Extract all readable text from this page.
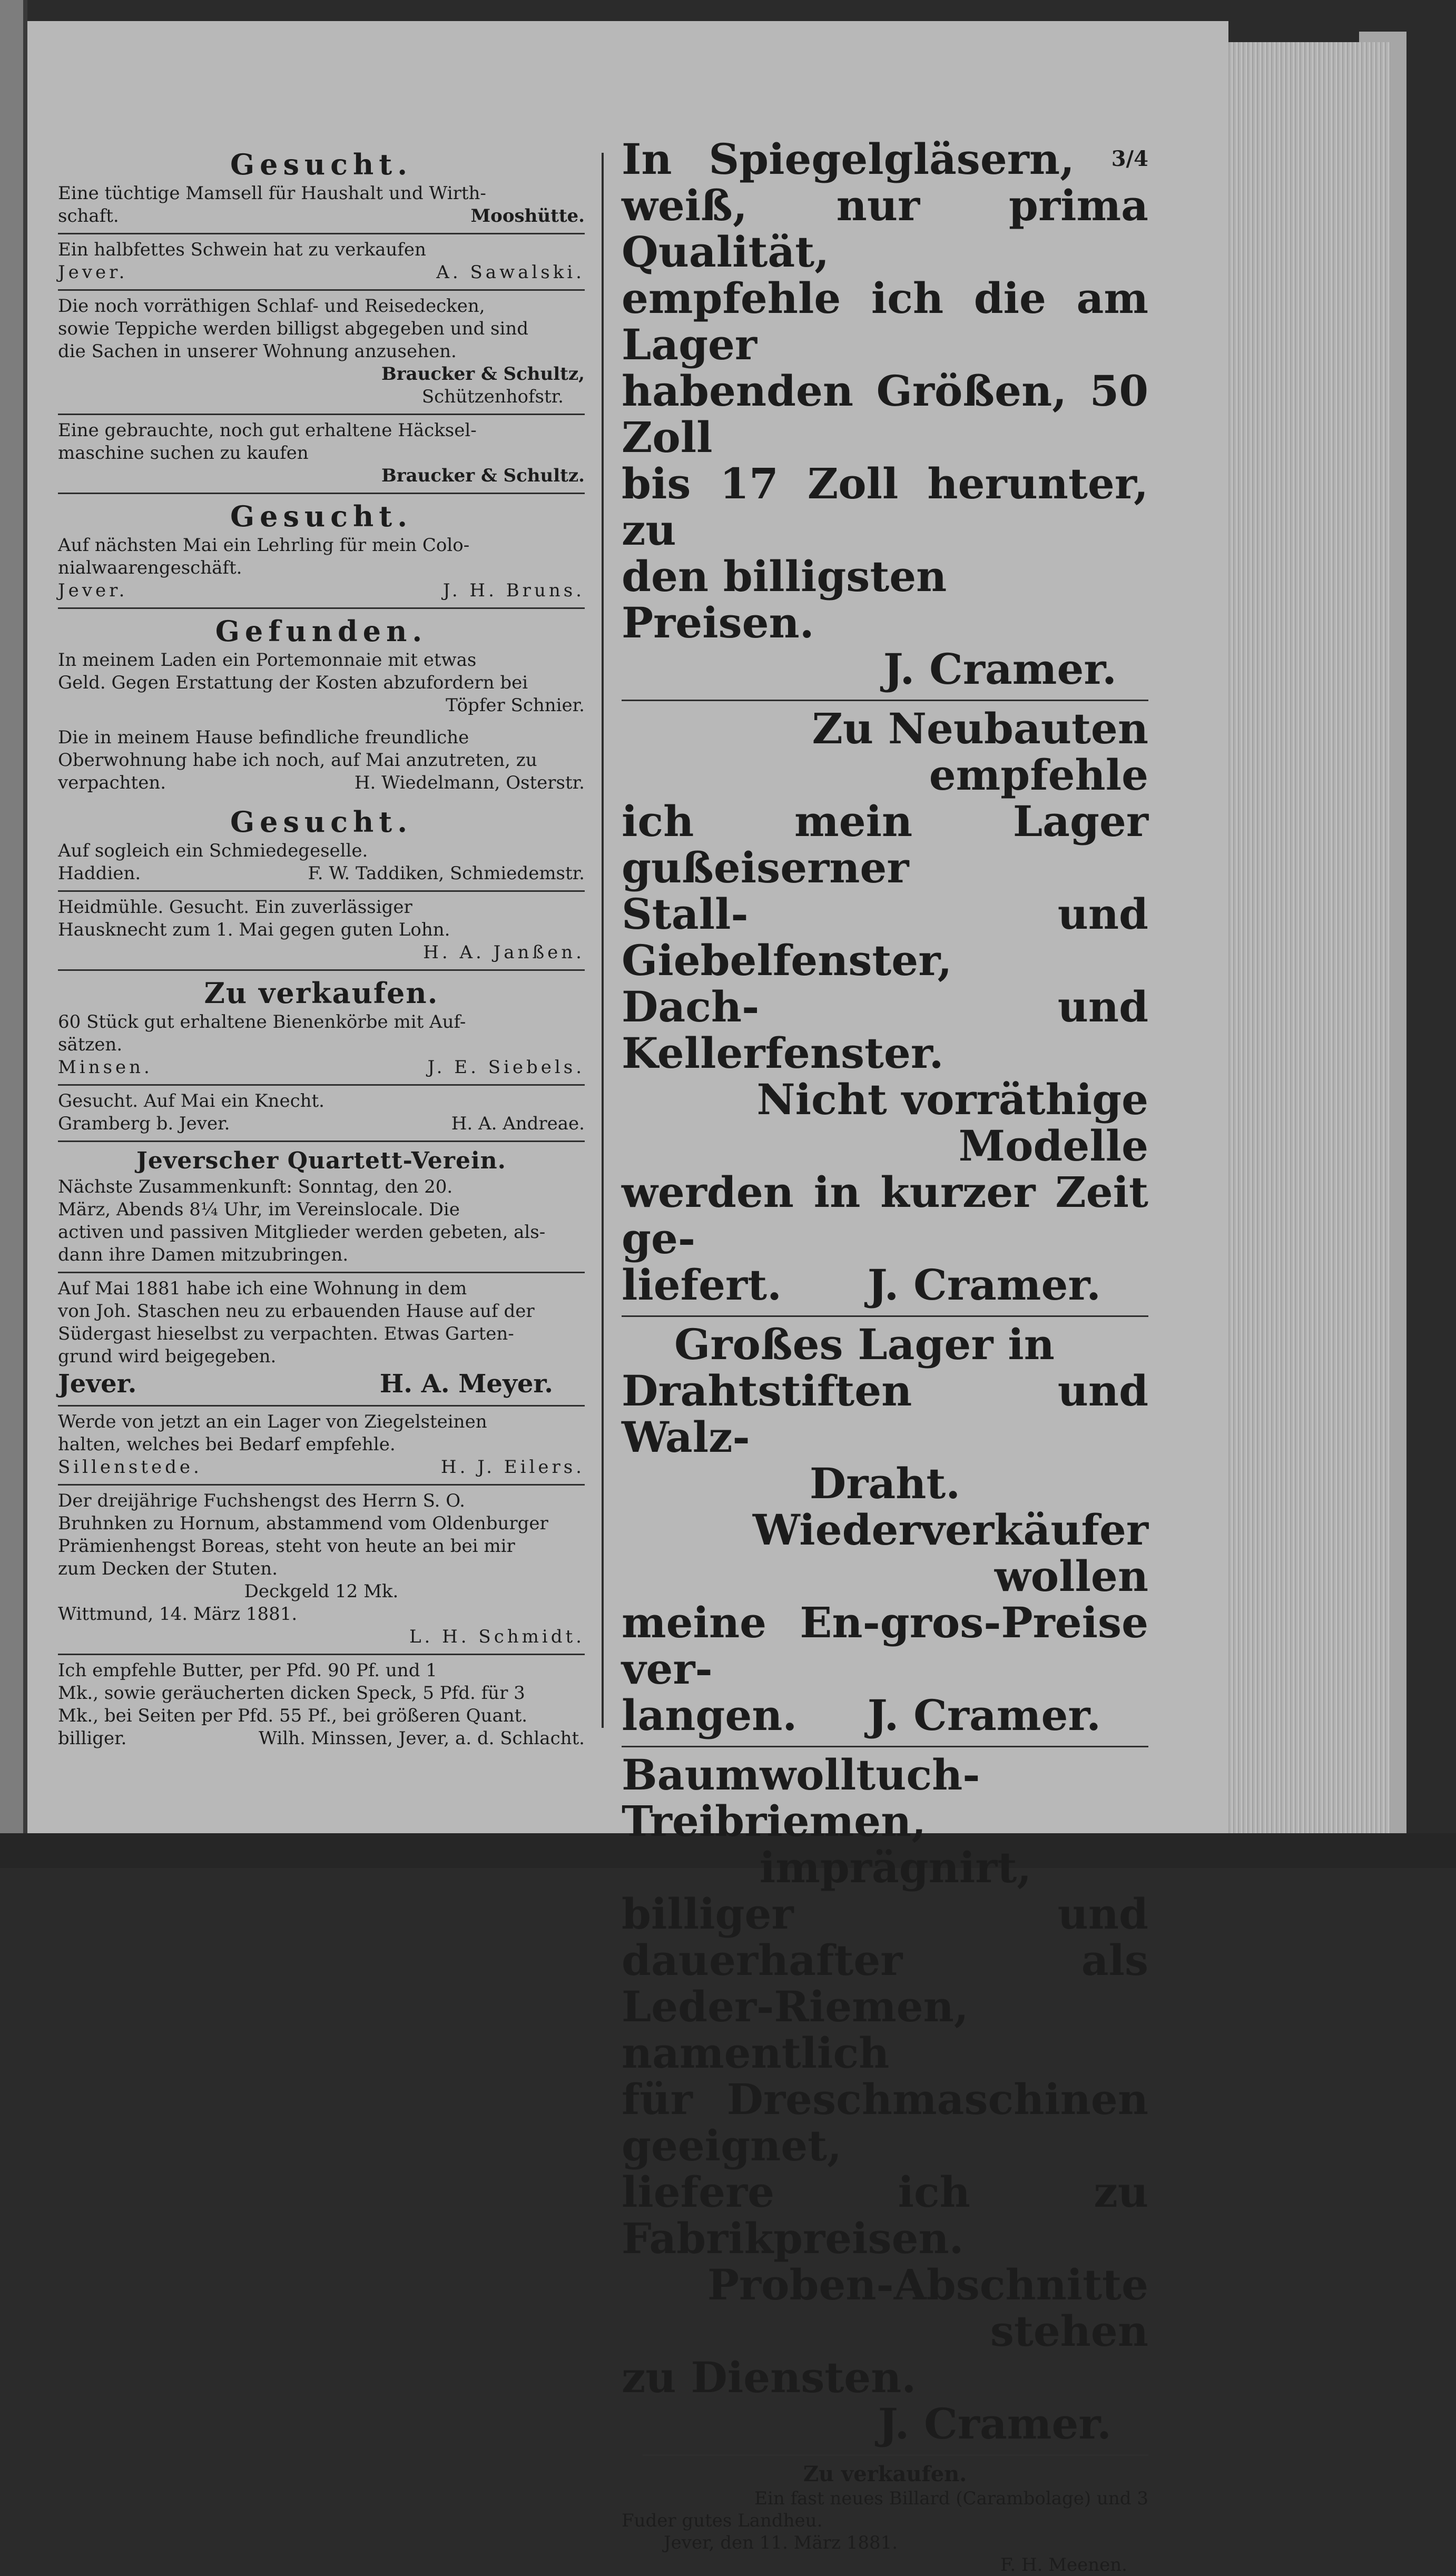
Gesucht.

Eine tüchtige Mamsell für Haushalt und Wirth-

schaft.	Mooshütte.

Ein halbfettes Schwein hat zu verkaufen

Jever.	A. Sawalski.

Die noch vorräthigen Schlaf- und Reisedecken,

sowie Teppiche werden billigst abgegeben und sind

die Sachen in unserer Wohnung anzusehen.

Braucker & Schultz,

Schützenhofstr.

Eine gebrauchte, noch gut erhaltene Häcksel-

maschine suchen zu kaufen

Braucker & Schultz.

Gesucht.

Auf nächsten Mai ein Lehrling für mein Colo-

nialwaarengeschäft.

Jever.	J. H. Bruns.

Gefunden.

In meinem Laden ein Portemonnaie mit etwas

Geld. Gegen Erstattung der Kosten abzufordern bei

Töpfer Schnier.

Die in meinem Hause befindliche freundliche

Oberwohnung habe ich noch, auf Mai anzutreten, zu

verpachten.	H. Wiedelmann, Osterstr.

Gesucht.

Auf sogleich ein Schmiedegeselle.

Haddien.	F. W. Taddiken, Schmiedemstr.

Heidmühle. Gesucht. Ein zuverlässiger

Hausknecht zum 1. Mai gegen guten Lohn.

H. A. Janßen.

Zu verkaufen.

60 Stück gut erhaltene Bienenkörbe mit Auf-

sätzen.

Minsen.	J. E. Siebels.

Gesucht. Auf Mai ein Knecht.

Gramberg b. Jever.	H. A. Andreae.

Jeverscher Quartett-Verein.

Nächste Zusammenkunft: Sonntag, den 20.

März, Abends 8¼ Uhr, im Vereinslocale. Die

activen und passiven Mitglieder werden gebeten, als-

dann ihre Damen mitzubringen.

Auf Mai 1881 habe ich eine Wohnung in dem

von Joh. Staschen neu zu erbauenden Hause auf der

Südergast hieselbst zu verpachten. Etwas Garten-

grund wird beigegeben.

Jever.	H. A. Meyer.

Werde von jetzt an ein Lager von Ziegelsteinen

halten, welches bei Bedarf empfehle.

Sillenstede.	H. J. Eilers.

Der dreijährige Fuchshengst des Herrn S. O.

Bruhnken zu Hornum, abstammend vom Oldenburger

Prämienhengst Boreas, steht von heute an bei mir

zum Decken der Stuten.

Deckgeld 12 Mk.

Wittmund, 14. März 1881.

L. H. Schmidt.

Ich empfehle Butter, per Pfd. 90 Pf. und 1

Mk., sowie geräucherten dicken Speck, 5 Pfd. für 3

Mk., bei Seiten per Pfd. 55 Pf., bei größeren Quant.

billiger.	Wilh. Minssen, Jever, a. d. Schlacht.

In Spiegelgläsern, $^{3/4}$

weiß, nur prima Qualität,

empfehle ich die am Lager

habenden Größen, 50 Zoll

bis 17 Zoll herunter, zu

den billigsten Preisen.

J. Cramer.

Zu Neubauten empfehle

ich mein Lager gußeiserner

Stall- und Giebelfenster,

Dach- und Kellerfenster.

Nicht vorräthige Modelle

werden in kurzer Zeit ge-

liefert. J. Cramer.

Großes Lager in

Drahtstiften und Walz-

Draht.

Wiederverkäufer wollen

meine En-gros-Preise ver-

langen. J. Cramer.

Baumwolltuch-Treibriemen,

imprägnirt,

billiger und dauerhafter als

Leder-Riemen, namentlich

für Dreschmaschinen geeignet,

liefere ich zu Fabrikpreisen.

Proben-Abschnitte stehen

zu Diensten.

J. Cramer.

Zu verkaufen.

Ein fast neues Billard (Carambolage) und 3

Fuder gutes Landheu.

Jever, den 11. März 1881.

F. H. Meenen.
